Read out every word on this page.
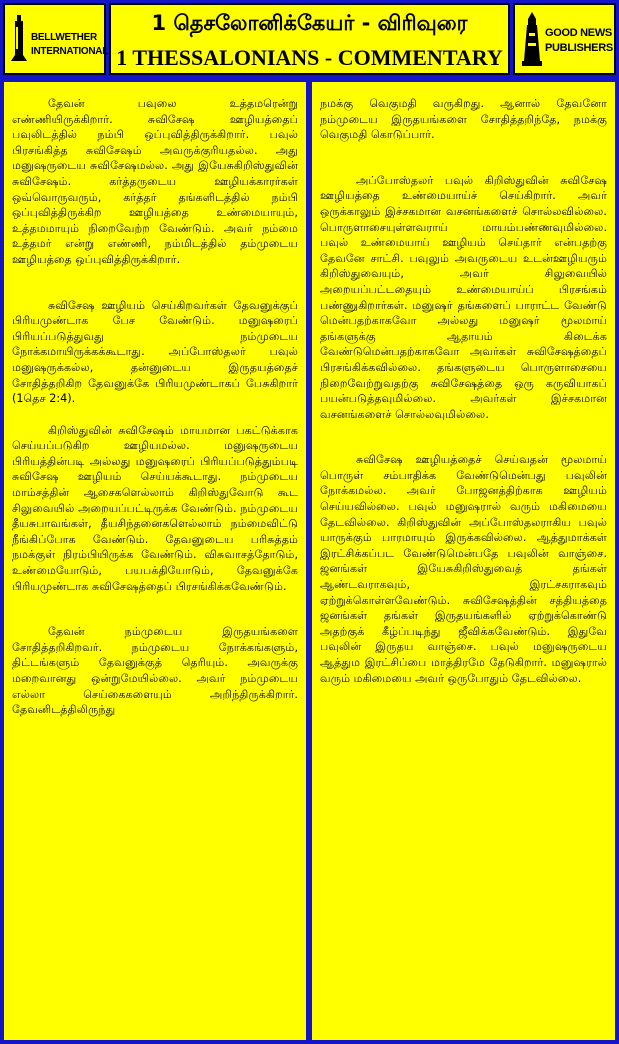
BELLWETHER
INTERNATIONAL
1 தெசலோனிக்கேயர் - விரிவுரை
1 THESSALONIANS - COMMENTARY
GOOD NEWS
PUBLISHERS

தேவன் பவுலை உத்தமரென்று எண்ணியிருக்கிறார். சுவிசேஷ ஊழியத்தைப் பவுலிடத்தில் நம்பி ஒப்புவித்திருக்கிறார். பவுல் பிரசங்கித்த சுவிசேஷம் அவருக்குரியதல்ல. அது மனுஷருடைய சுவிசேஷமல்ல. அது இயேசுகிறிஸ்துவின் சுவிசேஷம். கர்த்தருடைய ஊழியக்காரர்கள் ஒவ்வொருவரும், கர்த்தர் தங்களிடத்தில் நம்பி ஒப்புவித்திருக்கிற ஊழியத்தை உண்மையாயும், உத்தமமாயும் நிறைவேற்ற வேண்டும். அவர் நம்மை உத்தமர் என்று எண்ணி, நம்மிடத்தில் தம்முடைய ஊழியத்தை ஒப்புவித்திருக்கிறார்.

சுவிசேஷ ஊழியம் செய்கிறவர்கள் தேவனுக்குப் பிரியமுண்டாக பேச வேண்டும். மனுஷரைப் பிரியப்படுத்துவது நம்முடைய நோக்கமாயிருக்கக்கூடாது. அப்போஸ்தலர் பவுல் மனுஷருக்கல்ல, தன்னுடைய இருதயத்தைச் சோதித்தறிகிற தேவனுக்கே பிரியமுண்டாகப் பேசுகிறார் (1தெச 2:4).

கிறிஸ்துவின் சுவிசேஷம் மாயமான பகட்டுக்காக செய்யப்படுகிற ஊழியமல்ல. மனுஷருடைய பிரியத்தின்படி அல்லது மனுஷரைப் பிரியப்படுத்தும்படி சுவிசேஷ ஊழியம் செய்யக்கூடாது. நம்முடைய மாம்சத்தின் ஆசைகளெல்லாம் கிறிஸ்துவோடு கூட சிலுவையில் அறையப்பட்டிருக்க வேண்டும். நம்முடைய தீயசுபாவங்கள், தீயசிந்தனைகளெல்லாம் நம்மைவிட்டு நீங்கிப்போக வேண்டும். தேவனுடைய பரிசுத்தம் நமக்குள் நிரம்பியிருக்க வேண்டும். விசுவாசத்தோடும், உண்மையோடும், பயபக்தியோடும், தேவனுக்கே பிரியமுண்டாக சுவிசேஷத்தைப் பிரசங்கிக்கவேண்டும்.

தேவன் நம்முடைய இருதயங்களை சோதித்தறிகிறவர். நம்முடைய நோக்கங்களும், திட்டங்களும் தேவனுக்குத் தெரியும். அவருக்கு மறைவானது ஒன்றுமேயில்லை. அவர் நம்முடைய எல்லா செய்கைகளையும் அறிந்திருக்கிறார். தேவனிடத்திலிருந்து

நமக்கு வெகுமதி வருகிறது. ஆனால் தேவனோ நம்முடைய இருதயங்களை சோதித்தறிந்தே, நமக்கு வெகுமதி கொடுப்பார்.

அப்போஸ்தலர் பவுல் கிறிஸ்துவின் சுவிசேஷ ஊழியத்தை உண்மையாய்ச் செய்கிறார். அவர் ஒருக்காலும் இச்சகமான வசனங்களைச் சொல்லவில்லை. பொருளாசையுள்ளவராய் மாயம்பண்ணவுமில்லை. பவுல் உண்மையாய் ஊழியம் செய்தார் என்பதற்கு தேவனே சாட்சி. பவுலும் அவருடைய உடன்ஊழியரும் கிறிஸ்துவையும், அவர் சிலுவையில் அறையப்பட்டதையும் உண்மையாய்ப் பிரசங்கம் பண்ணுகிறார்கள். மனுஷர் தங்களைப் பாராட்ட வேண்டு மென்பதற்காகவோ அல்லது மனுஷர் மூலமாய் தங்களுக்கு ஆதாயம் கிடைக்க வேண்டுமென்பதற்காகவோ அவர்கள் சுவிசேஷத்தைப் பிரசங்கிக்கவில்லை. தங்களுடைய பொருளாசையை நிறைவேற்றுவதற்கு சுவிசேஷத்தை ஒரு கருவியாகப் பயன்படுத்தவுமில்லை. அவர்கள் இச்சகமான வசனங்களைச் சொல்லவுமில்லை.

சுவிசேஷ ஊழியத்தைச் செய்வதன் மூலமாய் பொருள் சம்பாதிக்க வேண்டுமென்பது பவுலின் நோக்கமல்ல. அவர் போஜனத்திற்காக ஊழியம் செய்யவில்லை. பவுல் மனுஷரால் வரும் மகிமையை தேடவில்லை. கிறிஸ்துவின் அப்போஸ்தலராகிய பவுல் யாருக்கும் பாரமாயும் இருக்கவில்லை. ஆத்துமாக்கள் இரட்சிக்கப்பட வேண்டுமென்பதே பவுலின் வாஞ்சை. ஜனங்கள் இயேசுகிறிஸ்துவைத் தங்கள் ஆண்டவராகவும், இரட்சகராகவும் ஏற்றுக்கொள்ளவேண்டும். சுவிசேஷத்தின் சத்தியத்தை ஜனங்கள் தங்கள் இருதயங்களில் ஏற்றுக்கொண்டு அதற்குக் கீழ்ப்படிந்து ஜீவிக்கவேண்டும். இதுவே பவுலின் இருதய வாஞ்சை. பவுல் மனுஷருடைய ஆத்தும இரட்சிப்பை மாத்திரமே தேடுகிறார். மனுஷரால் வரும் மகிமையை அவர் ஒருபோதும் தேடவில்லை.
